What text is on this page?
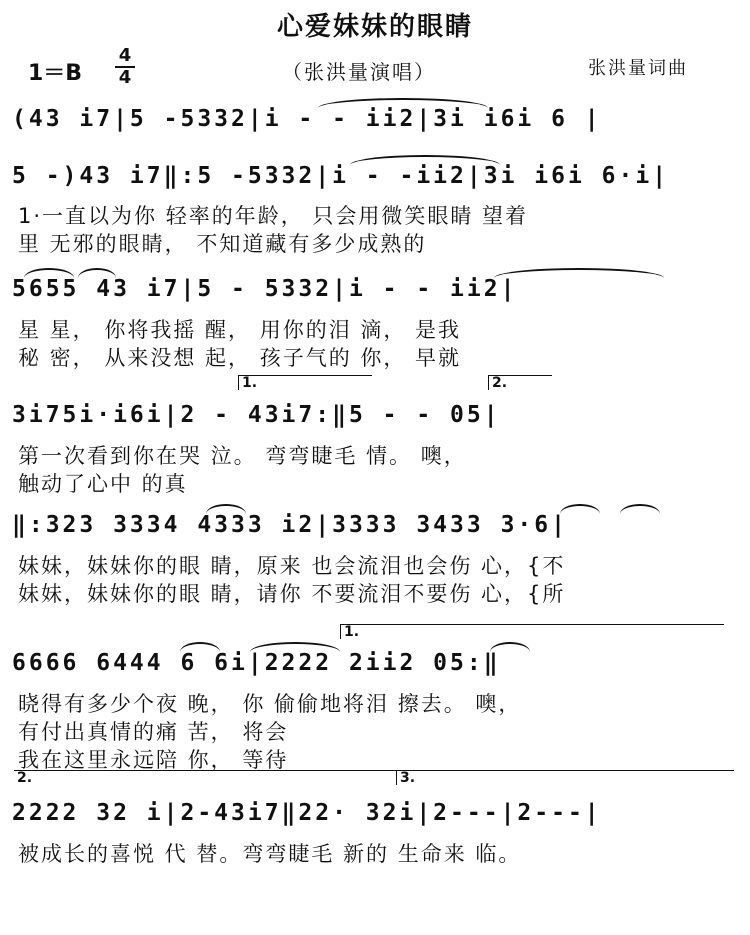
心爱妹妹的眼睛
1＝B
4
4	（张洪量演唱）	张洪量词曲
(43 i7|5 -5332|i - - ii2|3i i6i 6 |
5 -)43 i7‖:5 -5332|i - -ii2|3i i6i 6·i|
1·一直以为你 轻率的年龄， 只会用微笑眼睛 望着
里 无邪的眼睛， 不知道藏有多少成熟的
5655 43 i7|5 - 5332|i - - ii2|
星 星， 你将我摇 醒， 用你的泪 滴， 是我
秘 密， 从来没想 起， 孩子气的 你， 早就
1.	2.
3i75i·i6i|2 - 43i7:‖5 - - 05|
第一次看到你在哭 泣。 弯弯睫毛 情。 噢，
触动了心中 的真
‖:323 3334 4333 i2|3333 3433 3·6|
妹妹，妹妹你的眼 睛，原来 也会流泪也会伤 心，{不
妹妹，妹妹你的眼 睛，请你 不要流泪不要伤 心，{所
1.
6666 6444 6 6i|2222 2ii2 05:‖
晓得有多少个夜 晚， 你 偷偷地将泪 擦去。 噢，
有付出真情的痛 苦， 将会
我在这里永远陪 你， 等待
2.	3.
2222 32 i|2-43i7‖22· 32i|2---|2---|
被成长的喜悦 代 替。弯弯睫毛 新的 生命来 临。
